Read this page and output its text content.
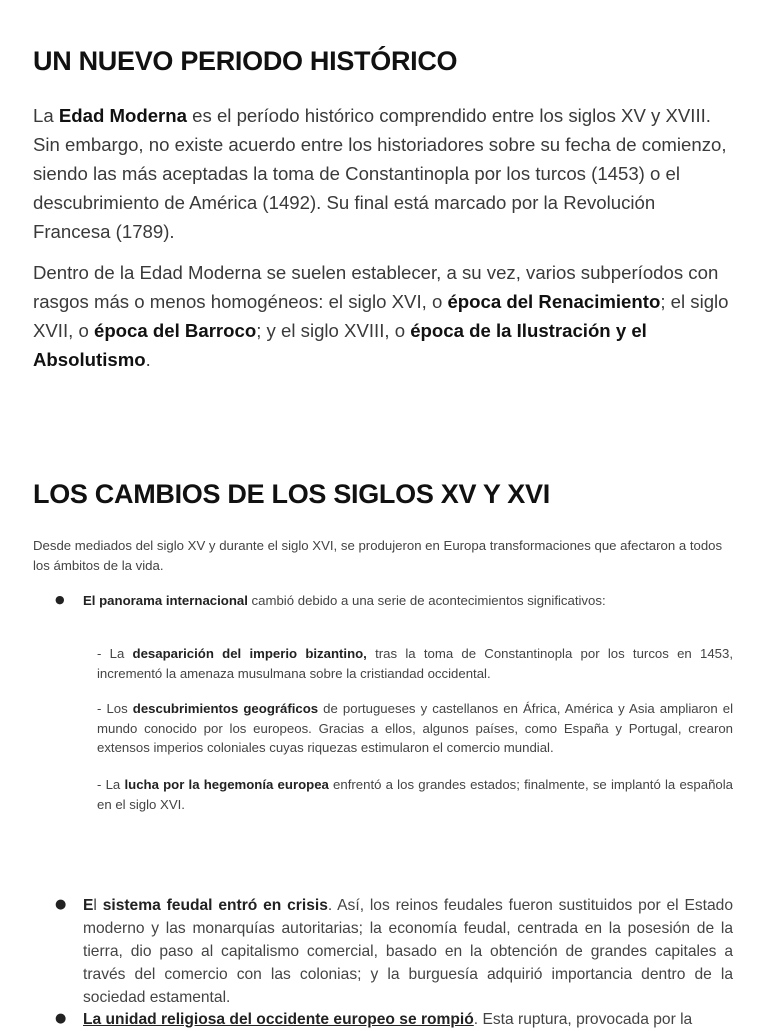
UN NUEVO PERIODO HISTÓRICO

La Edad Moderna es el período histórico comprendido entre los siglos XV y XVIII. Sin embargo, no existe acuerdo entre los historiadores sobre su fecha de comienzo, siendo las más aceptadas la toma de Constantinopla por los turcos (1453) o el descubrimiento de América (1492). Su final está marcado por la Revolución Francesa (1789).

Dentro de la Edad Moderna se suelen establecer, a su vez, varios subperíodos con rasgos más o menos homogéneos: el siglo XVI, o época del Renacimiento; el siglo XVII, o época del Barroco; y el siglo XVIII, o época de la Ilustración y el Absolutismo.

LOS CAMBIOS DE LOS SIGLOS XV Y XVI

Desde mediados del siglo XV y durante el siglo XVI, se produjeron en Europa transformaciones que afectaron a todos los ámbitos de la vida.

● El panorama internacional cambió debido a una serie de acontecimientos significativos:

- La desaparición del imperio bizantino, tras la toma de Constantinopla por los turcos en 1453, incrementó la amenaza musulmana sobre la cristiandad occidental.

- Los descubrimientos geográficos de portugueses y castellanos en África, América y Asia ampliaron el mundo conocido por los europeos. Gracias a ellos, algunos países, como España y Portugal, crearon extensos imperios coloniales cuyas riquezas estimularon el comercio mundial.

- La lucha por la hegemonía europea enfrentó a los grandes estados; finalmente, se implantó la española en el siglo XVI.

● El sistema feudal entró en crisis. Así, los reinos feudales fueron sustituidos por el Estado moderno y las monarquías autoritarias; la economía feudal, centrada en la posesión de la tierra, dio paso al capitalismo comercial, basado en la obtención de grandes capitales a través del comercio con las colonias; y la burguesía adquirió importancia dentro de la sociedad estamental.

● La unidad religiosa del occidente europeo se rompió. Esta ruptura, provocada por la
